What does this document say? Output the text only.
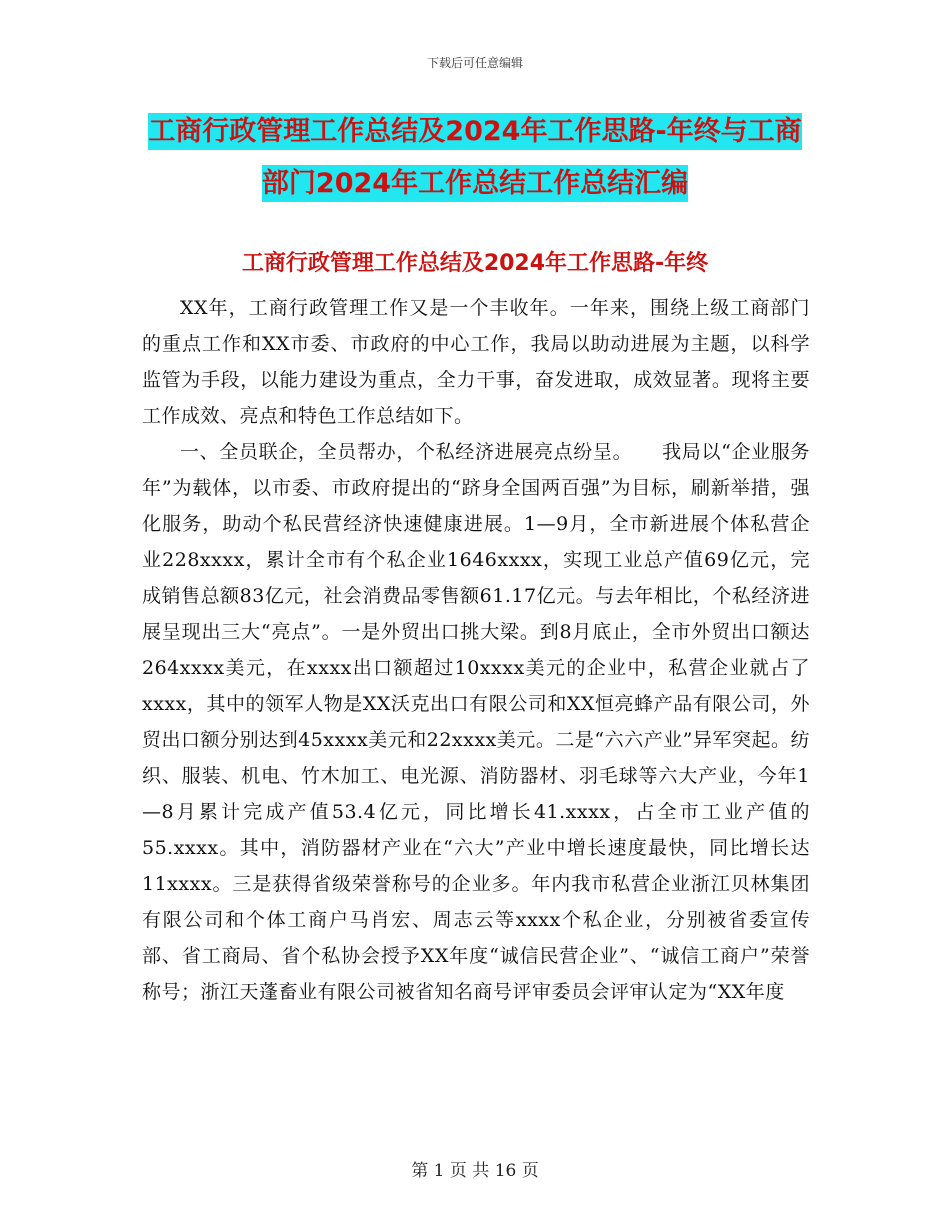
下载后可任意编辑
工商行政管理工作总结及2024年工作思路-年终与工商部门2024年工作总结工作总结汇编
工商行政管理工作总结及2024年工作思路-年终

XX年，工商行政管理工作又是一个丰收年。一年来，围绕上级工商部门的重点工作和XX市委、市政府的中心工作，我局以助动进展为主题，以科学监管为手段，以能力建设为重点，全力干事，奋发进取，成效显著。现将主要工作成效、亮点和特色工作总结如下。

一、全员联企，全员帮办，个私经济进展亮点纷呈。　　我局以“企业服务年”为载体，以市委、市政府提出的“跻身全国两百强”为目标，刷新举措，强化服务，助动个私民营经济快速健康进展。1—9月，全市新进展个体私营企业228xxxx，累计全市有个私企业1646xxxx，实现工业总产值69亿元，完成销售总额83亿元，社会消费品零售额61.17亿元。与去年相比，个私经济进展呈现出三大“亮点”。一是外贸出口挑大梁。到8月底止，全市外贸出口额达264xxxx美元，在xxxx出口额超过10xxxx美元的企业中，私营企业就占了xxxx，其中的领军人物是XX沃克出口有限公司和XX恒亮蜂产品有限公司，外贸出口额分别达到45xxxx美元和22xxxx美元。二是“六六产业”异军突起。纺织、服装、机电、竹木加工、电光源、消防器材、羽毛球等六大产业，今年1—8月累计完成产值53.4亿元，同比增长41.xxxx，占全市工业产值的55.xxxx。其中，消防器材产业在“六大”产业中增长速度最快，同比增长达11xxxx。三是获得省级荣誉称号的企业多。年内我市私营企业浙江贝林集团有限公司和个体工商户马肖宏、周志云等xxxx个私企业，分别被省委宣传部、省工商局、省个私协会授予XX年度“诚信民营企业”、“诚信工商户”荣誉称号；浙江天蓬畜业有限公司被省知名商号评审委员会评审认定为“XX年度

第 1 页 共 16 页
